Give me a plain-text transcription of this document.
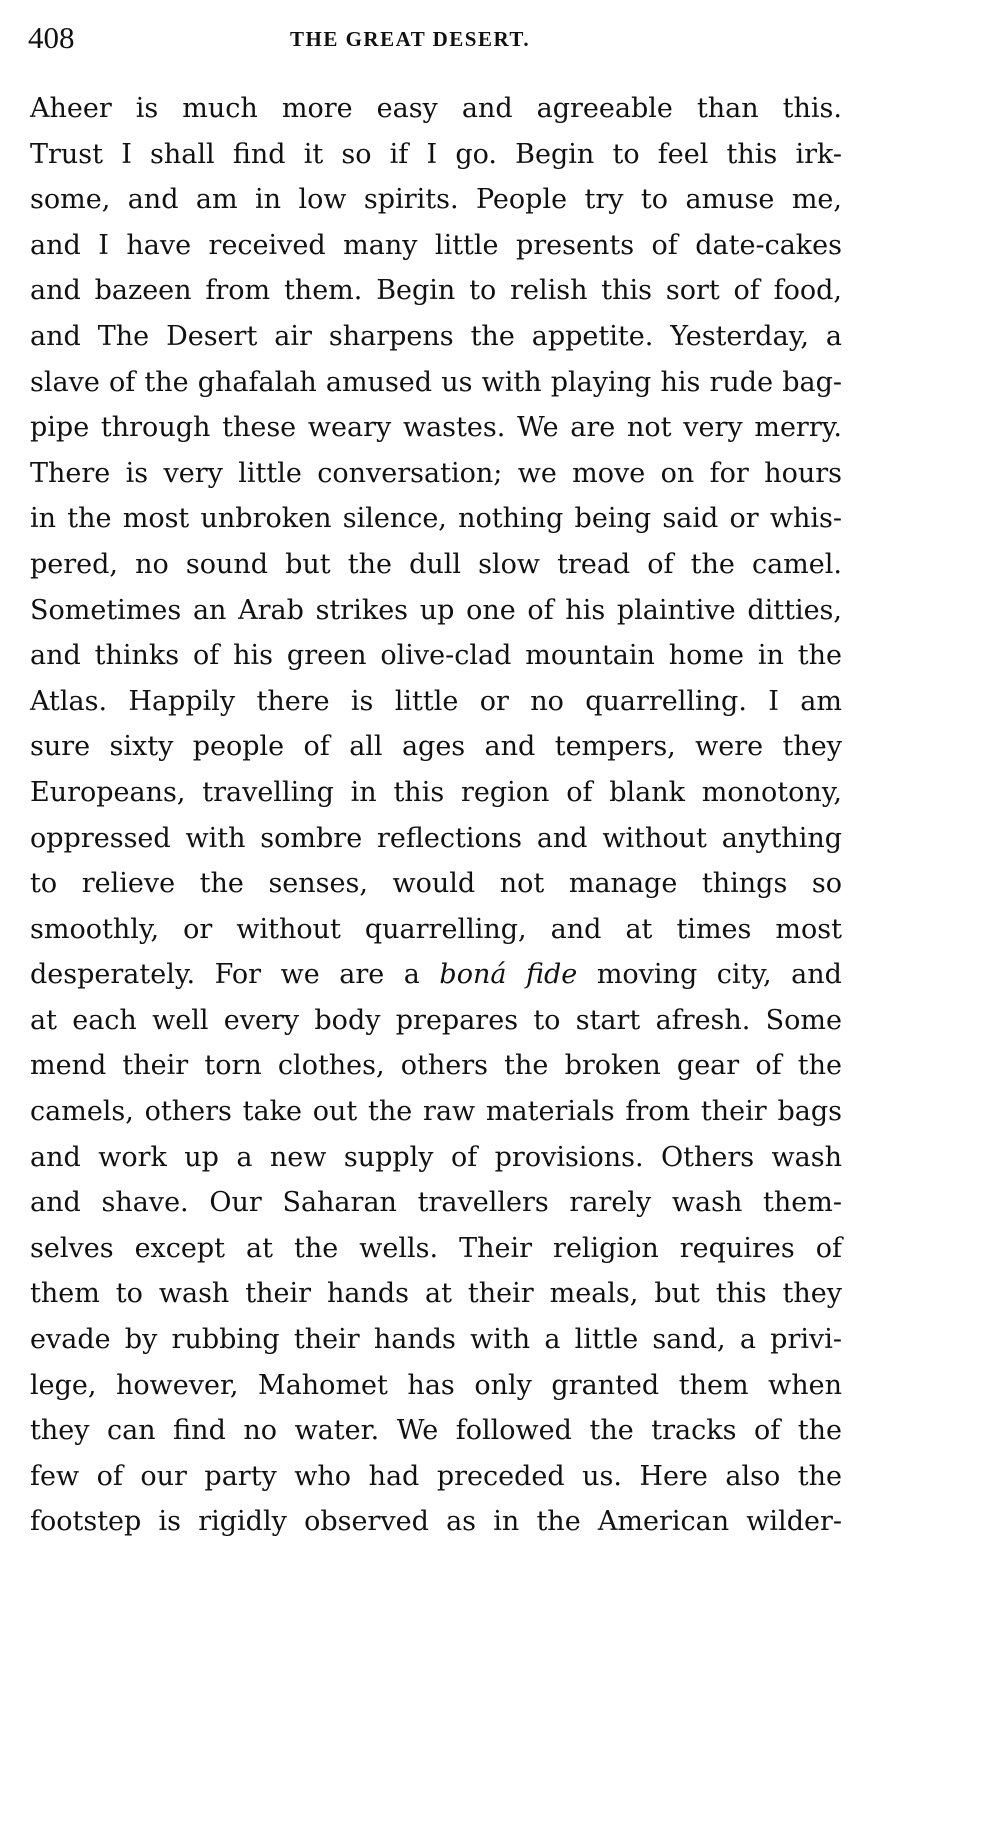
408	THE GREAT DESERT.
Aheer is much more easy and agreeable than this.
Trust I shall find it so if I go. Begin to feel this irk-
some, and am in low spirits. People try to amuse me,
and I have received many little presents of date-cakes
and bazeen from them. Begin to relish this sort of food,
and The Desert air sharpens the appetite. Yesterday, a
slave of the ghafalah amused us with playing his rude bag-
pipe through these weary wastes. We are not very merry.
There is very little conversation; we move on for hours
in the most unbroken silence, nothing being said or whis-
pered, no sound but the dull slow tread of the camel.
Sometimes an Arab strikes up one of his plaintive ditties,
and thinks of his green olive-clad mountain home in the
Atlas. Happily there is little or no quarrelling. I am
sure sixty people of all ages and tempers, were they
Europeans, travelling in this region of blank monotony,
oppressed with sombre reflections and without anything
to relieve the senses, would not manage things so
smoothly, or without quarrelling, and at times most
desperately. For we are a boná fide moving city, and
at each well every body prepares to start afresh. Some
mend their torn clothes, others the broken gear of the
camels, others take out the raw materials from their bags
and work up a new supply of provisions. Others wash
and shave. Our Saharan travellers rarely wash them-
selves except at the wells. Their religion requires of
them to wash their hands at their meals, but this they
evade by rubbing their hands with a little sand, a privi-
lege, however, Mahomet has only granted them when
they can find no water. We followed the tracks of the
few of our party who had preceded us. Here also the
footstep is rigidly observed as in the American wilder-
